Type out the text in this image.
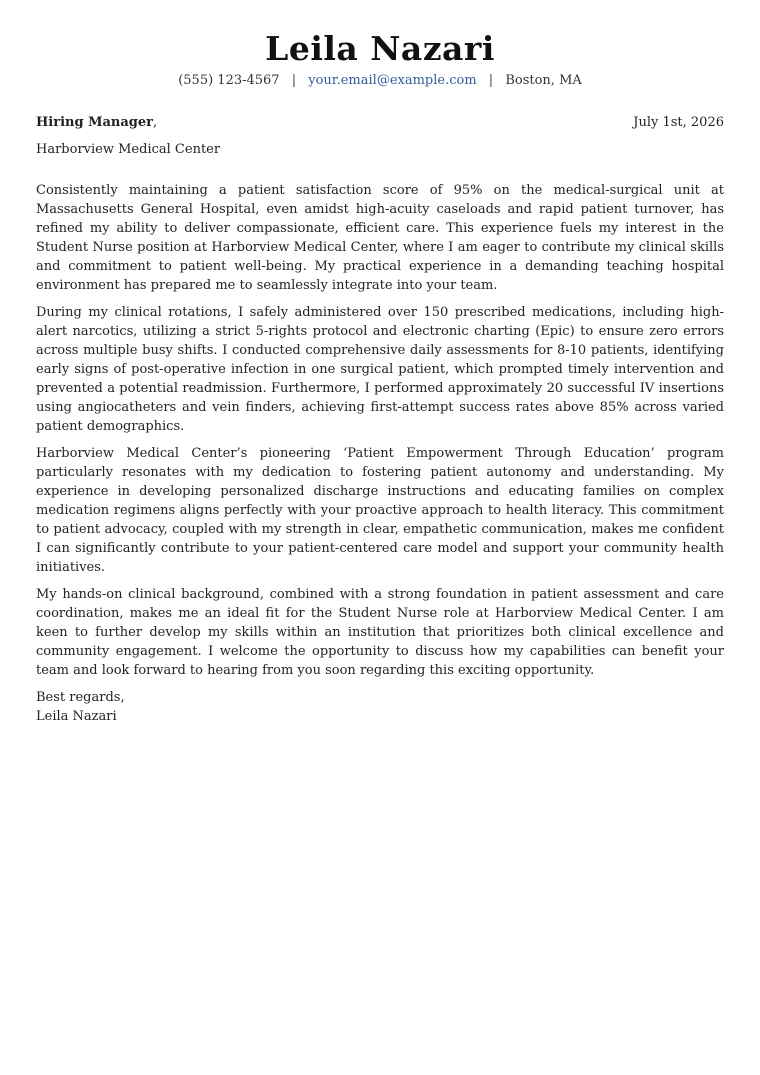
Leila Nazari
(555) 123-4567 | your.email@example.com | Boston, MA
Hiring Manager,	July 1st, 2026
Harborview Medical Center

Consistently maintaining a patient satisfaction score of 95% on the medical-surgical unit at Massachusetts General Hospital, even amidst high-acuity caseloads and rapid patient turnover, has refined my ability to deliver compassionate, efficient care. This experience fuels my interest in the Student Nurse position at Harborview Medical Center, where I am eager to contribute my clinical skills and commitment to patient well-being. My practical experience in a demanding teaching hospital environment has prepared me to seamlessly integrate into your team.

During my clinical rotations, I safely administered over 150 prescribed medications, including high-alert narcotics, utilizing a strict 5-rights protocol and electronic charting (Epic) to ensure zero errors across multiple busy shifts. I conducted comprehensive daily assessments for 8-10 patients, identifying early signs of post-operative infection in one surgical patient, which prompted timely intervention and prevented a potential readmission. Furthermore, I performed approximately 20 successful IV insertions using angiocatheters and vein finders, achieving first-attempt success rates above 85% across varied patient demographics.

Harborview Medical Center’s pioneering ‘Patient Empowerment Through Education’ program particularly resonates with my dedication to fostering patient autonomy and understanding. My experience in developing personalized discharge instructions and educating families on complex medication regimens aligns perfectly with your proactive approach to health literacy. This commitment to patient advocacy, coupled with my strength in clear, empathetic communication, makes me confident I can significantly contribute to your patient-centered care model and support your community health initiatives.

My hands-on clinical background, combined with a strong foundation in patient assessment and care coordination, makes me an ideal fit for the Student Nurse role at Harborview Medical Center. I am keen to further develop my skills within an institution that prioritizes both clinical excellence and community engagement. I welcome the opportunity to discuss how my capabilities can benefit your team and look forward to hearing from you soon regarding this exciting opportunity.

Best regards,
Leila Nazari
